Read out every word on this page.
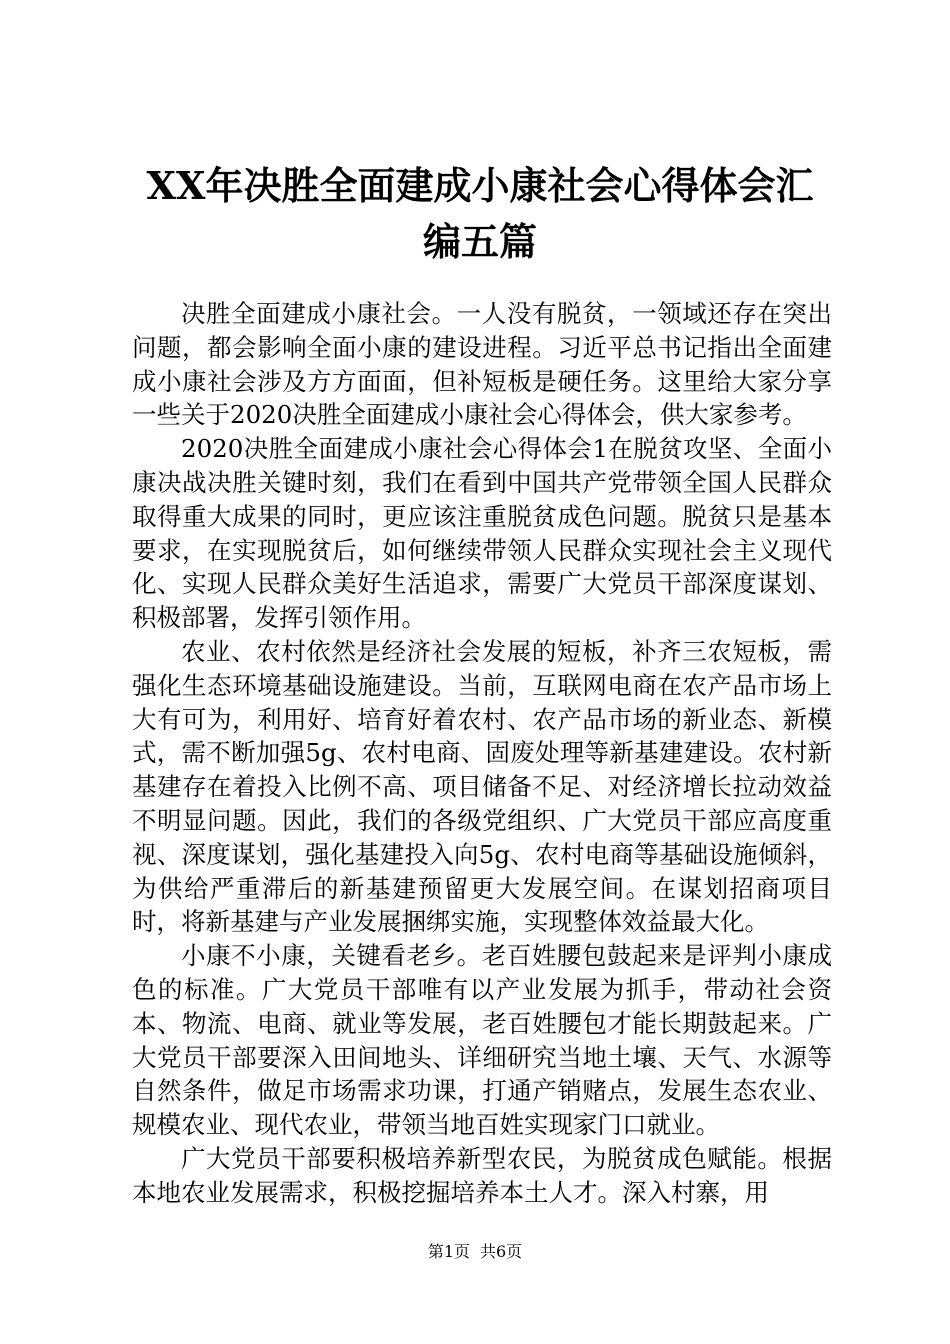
XX年决胜全面建成小康社会心得体会汇编五篇

决胜全面建成小康社会。一人没有脱贫，一领域还存在突出问题，都会影响全面小康的建设进程。习近平总书记指出全面建成小康社会涉及方方面面，但补短板是硬任务。这里给大家分享一些关于2020决胜全面建成小康社会心得体会，供大家参考。

2020决胜全面建成小康社会心得体会1在脱贫攻坚、全面小康决战决胜关键时刻，我们在看到中国共产党带领全国人民群众取得重大成果的同时，更应该注重脱贫成色问题。脱贫只是基本要求，在实现脱贫后，如何继续带领人民群众实现社会主义现代化、实现人民群众美好生活追求，需要广大党员干部深度谋划、积极部署，发挥引领作用。

农业、农村依然是经济社会发展的短板，补齐三农短板，需强化生态环境基础设施建设。当前，互联网电商在农产品市场上大有可为，利用好、培育好着农村、农产品市场的新业态、新模式，需不断加强5g、农村电商、固废处理等新基建建设。农村新基建存在着投入比例不高、项目储备不足、对经济增长拉动效益不明显问题。因此，我们的各级党组织、广大党员干部应高度重视、深度谋划，强化基建投入向5g、农村电商等基础设施倾斜，为供给严重滞后的新基建预留更大发展空间。在谋划招商项目时，将新基建与产业发展捆绑实施，实现整体效益最大化。

小康不小康，关键看老乡。老百姓腰包鼓起来是评判小康成色的标准。广大党员干部唯有以产业发展为抓手，带动社会资本、物流、电商、就业等发展，老百姓腰包才能长期鼓起来。广大党员干部要深入田间地头、详细研究当地土壤、天气、水源等自然条件，做足市场需求功课，打通产销赌点，发展生态农业、规模农业、现代农业，带领当地百姓实现家门口就业。

广大党员干部要积极培养新型农民，为脱贫成色赋能。根据本地农业发展需求，积极挖掘培养本土人才。深入村寨，用

第1页 共6页
